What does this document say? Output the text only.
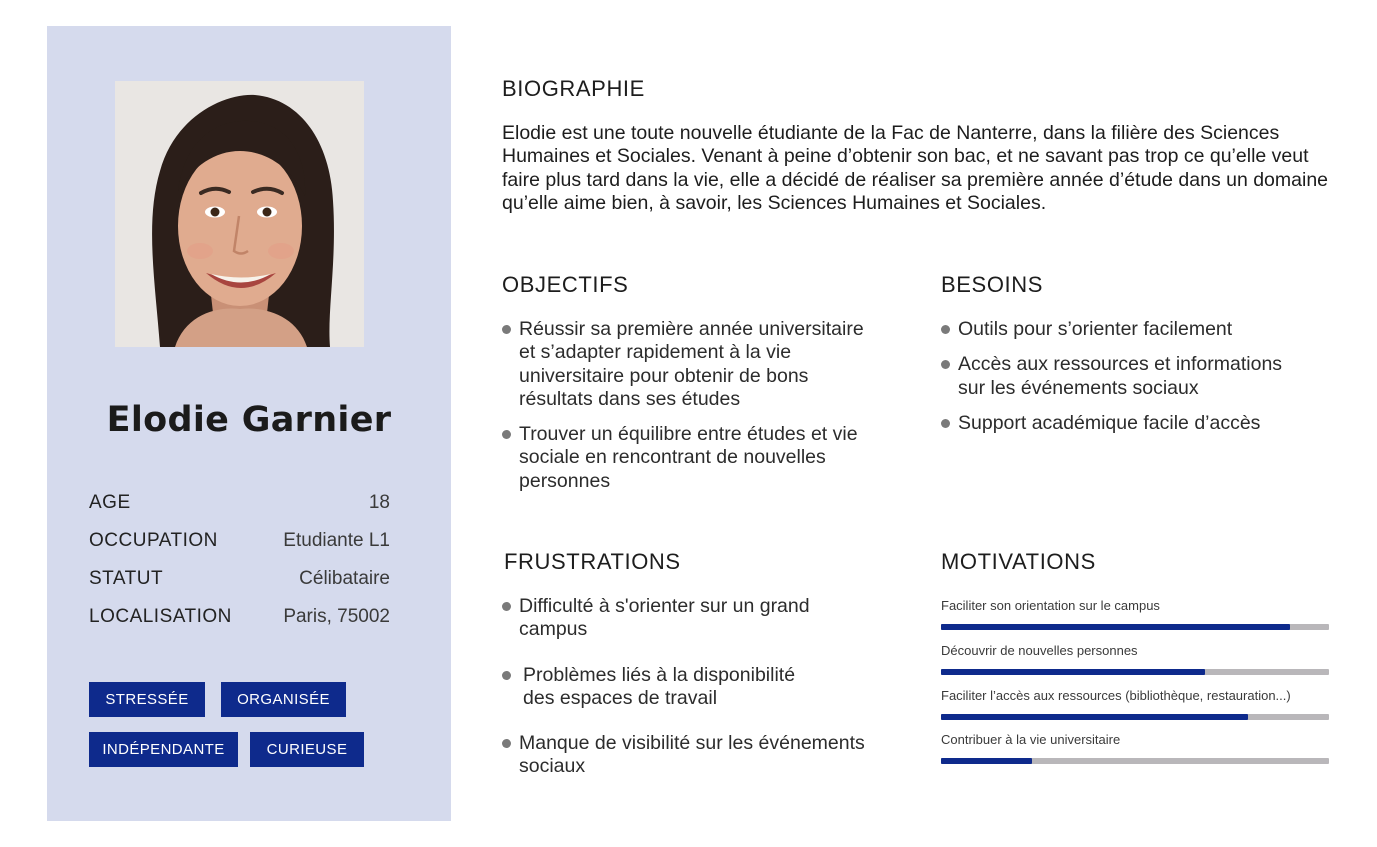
Elodie Garnier
AGE	18
OCCUPATION	Etudiante L1
STATUT	Célibataire
LOCALISATION	Paris, 75002
STRESSÉE	ORGANISÉE
INDÉPENDANTE	CURIEUSE
BIOGRAPHIE

Elodie est une toute nouvelle étudiante de la Fac de Nanterre, dans la filière des Sciences Humaines et Sociales. Venant à peine d’obtenir son bac, et ne savant pas trop ce qu’elle veut faire plus tard dans la vie, elle a décidé de réaliser sa première année d’étude dans un domaine qu’elle aime bien, à savoir, les Sciences Humaines et Sociales.

OBJECTIFS
Réussir sa première année universitaire et s’adapter rapidement à la vie universitaire pour obtenir de bons résultats dans ses études
Trouver un équilibre entre études et vie sociale en rencontrant de nouvelles personnes
BESOINS
Outils pour s’orienter facilement
Accès aux ressources et informations sur les événements sociaux
Support académique facile d’accès
FRUSTRATIONS
Difficulté à s'orienter sur un grand campus
Problèmes liés à la disponibilité des espaces de travail
Manque de visibilité sur les événements sociaux
MOTIVATIONS
Faciliter son orientation sur le campus
Découvrir de nouvelles personnes
Faciliter l’accès aux ressources (bibliothèque, restauration...)
Contribuer à la vie universitaire
